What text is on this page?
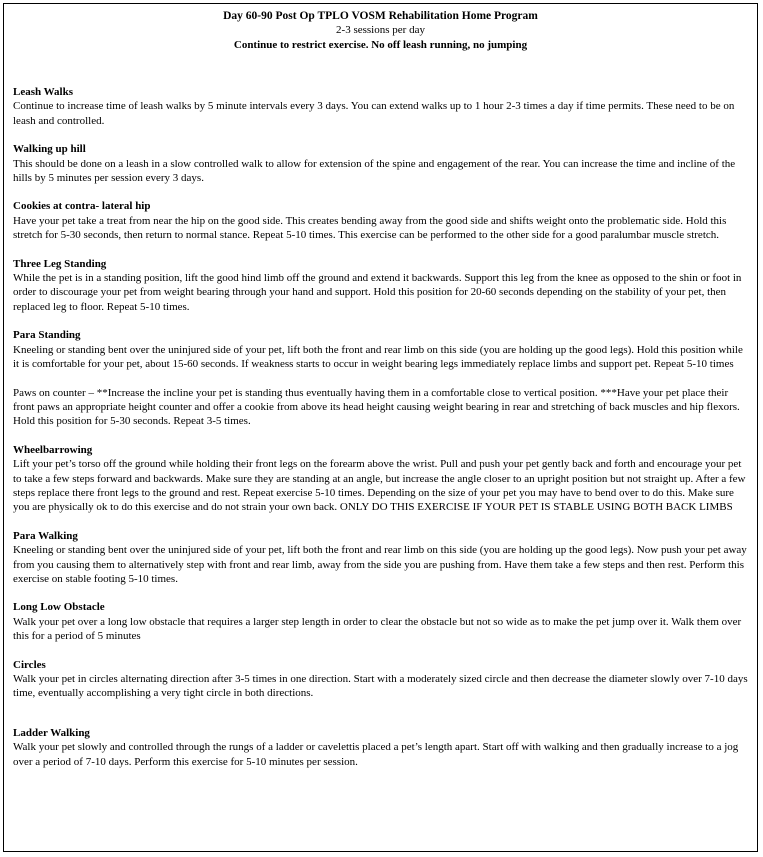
Day 60-90 Post Op TPLO VOSM Rehabilitation Home Program
2-3 sessions per day
Continue to restrict exercise. No off leash running, no jumping
Leash Walks

Continue to increase time of leash walks by 5 minute intervals every 3 days. You can extend walks up to 1 hour 2-3 times a day if time permits. These need to be on leash and controlled.

Walking up hill

This should be done on a leash in a slow controlled walk to allow for extension of the spine and engagement of the rear. You can increase the time and incline of the hills by 5 minutes per session every 3 days.

Cookies at contra- lateral hip

Have your pet take a treat from near the hip on the good side. This creates bending away from the good side and shifts weight onto the problematic side. Hold this stretch for 5-30 seconds, then return to normal stance. Repeat 5-10 times. This exercise can be performed to the other side for a good paralumbar muscle stretch.

Three Leg Standing

While the pet is in a standing position, lift the good hind limb off the ground and extend it backwards. Support this leg from the knee as opposed to the shin or foot in order to discourage your pet from weight bearing through your hand and support. Hold this position for 20-60 seconds depending on the stability of your pet, then replaced leg to floor. Repeat 5-10 times.

Para Standing

Kneeling or standing bent over the uninjured side of your pet, lift both the front and rear limb on this side (you are holding up the good legs). Hold this position while it is comfortable for your pet, about 15-60 seconds. If weakness starts to occur in weight bearing legs immediately replace limbs and support pet. Repeat 5-10 times

Paws on counter – **Increase the incline your pet is standing thus eventually having them in a comfortable close to vertical position. ***Have your pet place their front paws an appropriate height counter and offer a cookie from above its head height causing weight bearing in rear and stretching of back muscles and hip flexors. Hold this position for 5-30 seconds. Repeat 3-5 times.

Wheelbarrowing

Lift your pet’s torso off the ground while holding their front legs on the forearm above the wrist. Pull and push your pet gently back and forth and encourage your pet to take a few steps forward and backwards. Make sure they are standing at an angle, but increase the angle closer to an upright position but not straight up. After a few steps replace there front legs to the ground and rest. Repeat exercise 5-10 times. Depending on the size of your pet you may have to bend over to do this. Make sure you are physically ok to do this exercise and do not strain your own back. ONLY DO THIS EXERCISE IF YOUR PET IS STABLE USING BOTH BACK LIMBS

Para Walking

Kneeling or standing bent over the uninjured side of your pet, lift both the front and rear limb on this side (you are holding up the good legs). Now push your pet away from you causing them to alternatively step with front and rear limb, away from the side you are pushing from. Have them take a few steps and then rest. Perform this exercise on stable footing 5-10 times.

Long Low Obstacle

Walk your pet over a long low obstacle that requires a larger step length in order to clear the obstacle but not so wide as to make the pet jump over it. Walk them over this for a period of 5 minutes

Circles

Walk your pet in circles alternating direction after 3-5 times in one direction. Start with a moderately sized circle and then decrease the diameter slowly over 7-10 days time, eventually accomplishing a very tight circle in both directions.

Ladder Walking

Walk your pet slowly and controlled through the rungs of a ladder or cavelettis placed a pet’s length apart. Start off with walking and then gradually increase to a jog over a period of 7-10 days. Perform this exercise for 5-10 minutes per session.
